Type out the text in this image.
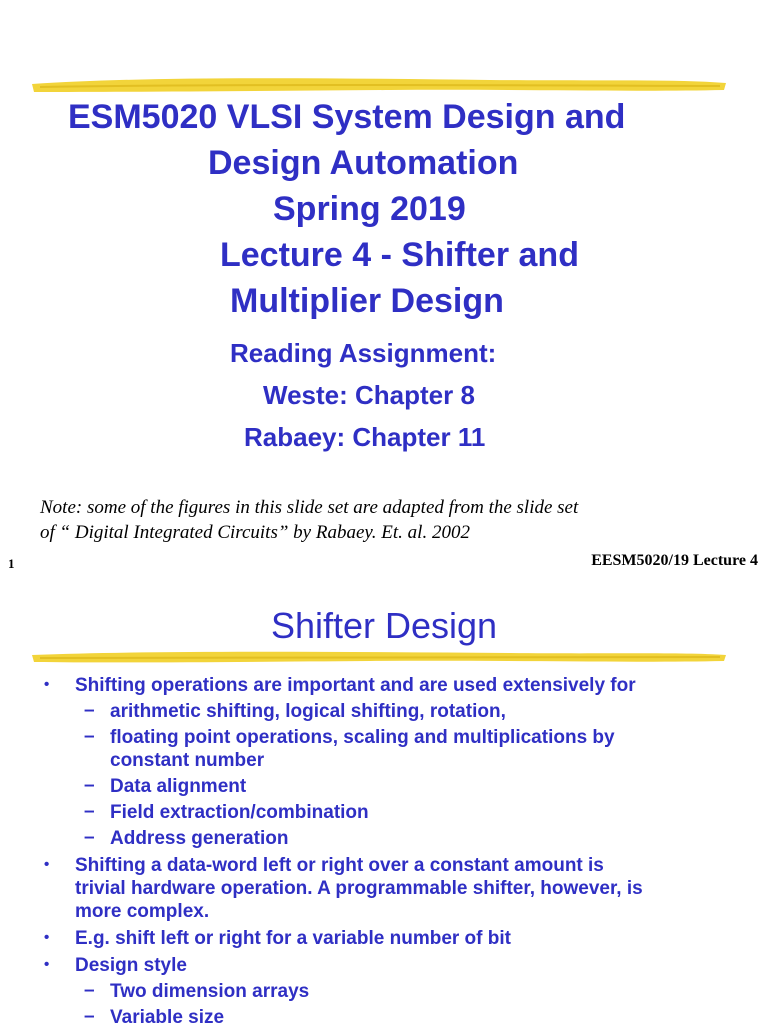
ESM5020 VLSI System Design and
Design Automation
Spring 2019
Lecture 4 - Shifter and
Multiplier Design
Reading Assignment:
Weste: Chapter 8
Rabaey: Chapter 11
Note: some of the figures in this slide set are adapted from the slide set
of “ Digital Integrated Circuits” by Rabaey. Et. al. 2002
1	EESM5020/19 Lecture 4
Shifter Design
• Shifting operations are important and are used extensively for
– arithmetic shifting, logical shifting, rotation,
– floating point operations, scaling and multiplications by
constant number
– Data alignment
– Field extraction/combination
– Address generation
• Shifting a data-word left or right over a constant amount is
trivial hardware operation. A programmable shifter, however, is
more complex.
• E.g. shift left or right for a variable number of bit
• Design style
– Two dimension arrays
– Variable size
